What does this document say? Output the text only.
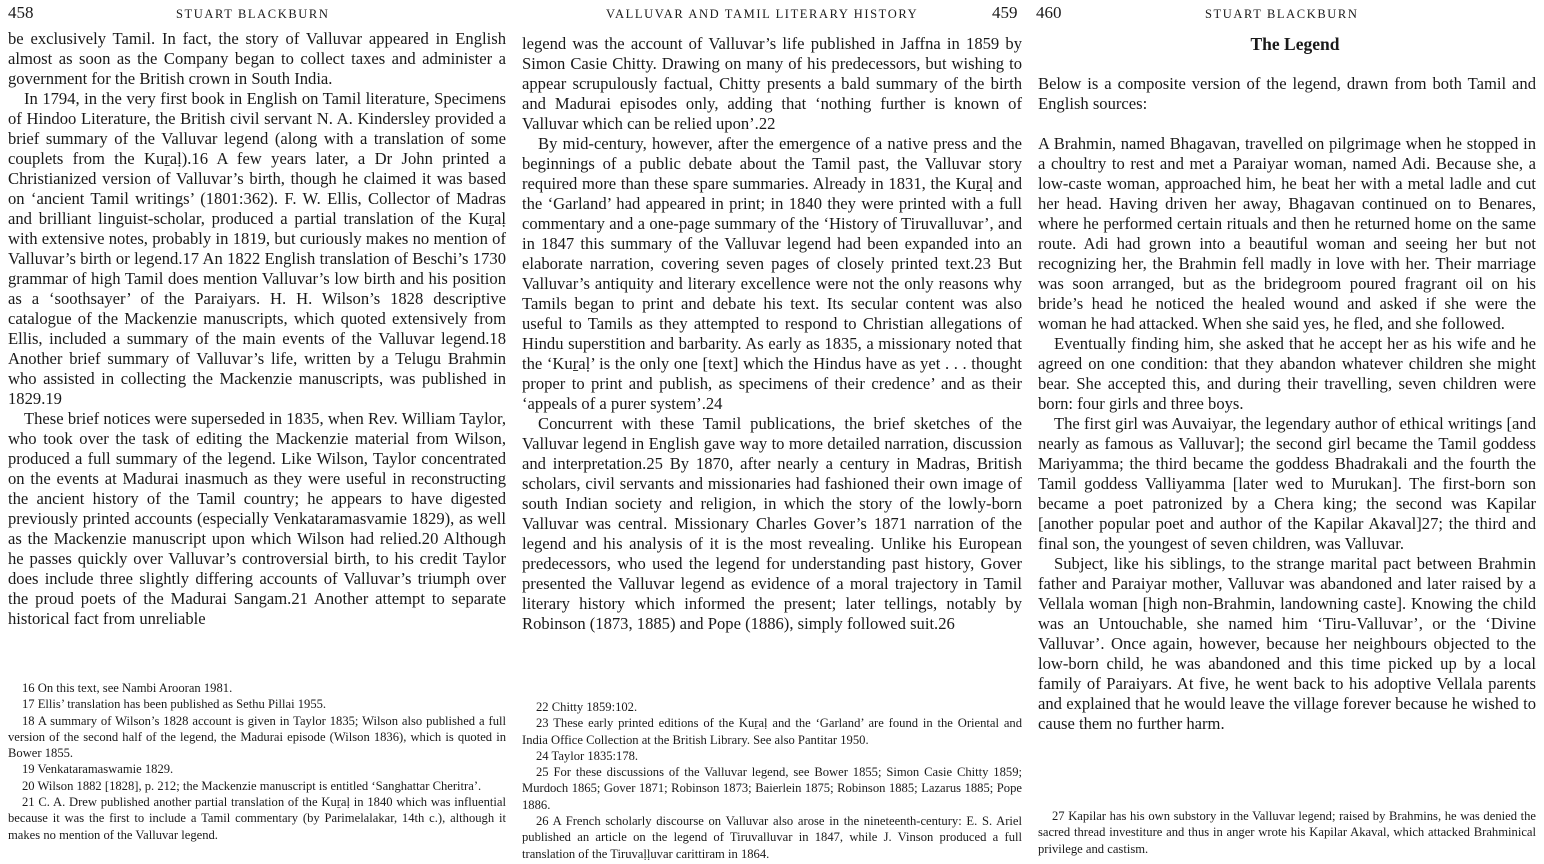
458	STUART BLACKBURN

be exclusively Tamil. In fact, the story of Valluvar appeared in English almost as soon as the Company began to collect taxes and administer a government for the British crown in South India.

In 1794, in the very first book in English on Tamil literature, Specimens of Hindoo Literature, the British civil servant N. A. Kindersley provided a brief summary of the Valluvar legend (along with a translation of some couplets from the Kuṟaḷ).16 A few years later, a Dr John printed a Christianized version of Valluvar’s birth, though he claimed it was based on ‘ancient Tamil writings’ (1801:362). F. W. Ellis, Collector of Madras and brilliant linguist-scholar, produced a partial translation of the Kuṟaḷ with extensive notes, probably in 1819, but curiously makes no mention of Valluvar’s birth or legend.17 An 1822 English translation of Beschi’s 1730 grammar of high Tamil does mention Valluvar’s low birth and his position as a ‘soothsayer’ of the Paraiyars. H. H. Wilson’s 1828 descriptive catalogue of the Mackenzie manuscripts, which quoted extensively from Ellis, included a summary of the main events of the Valluvar legend.18 Another brief summary of Valluvar’s life, written by a Telugu Brahmin who assisted in collecting the Mackenzie manuscripts, was published in 1829.19

These brief notices were superseded in 1835, when Rev. William Taylor, who took over the task of editing the Mackenzie material from Wilson, produced a full summary of the legend. Like Wilson, Taylor concentrated on the events at Madurai inasmuch as they were useful in reconstructing the ancient history of the Tamil country; he appears to have digested previously printed accounts (especially Venkataramasvamie 1829), as well as the Mackenzie manuscript upon which Wilson had relied.20 Although he passes quickly over Valluvar’s controversial birth, to his credit Taylor does include three slightly differing accounts of Valluvar’s triumph over the proud poets of the Madurai Sangam.21 Another attempt to separate historical fact from unreliable

16 On this text, see Nambi Arooran 1981.

17 Ellis’ translation has been published as Sethu Pillai 1955.

18 A summary of Wilson’s 1828 account is given in Taylor 1835; Wilson also published a full version of the second half of the legend, the Madurai episode (Wilson 1836), which is quoted in Bower 1855.

19 Venkataramaswamie 1829.

20 Wilson 1882 [1828], p. 212; the Mackenzie manuscript is entitled ‘Sanghattar Cheritra’.

21 C. A. Drew published another partial translation of the Kuṟaḷ in 1840 which was influential because it was the first to include a Tamil commentary (by Parimelalakar, 14th c.), although it makes no mention of the Valluvar legend.

VALLUVAR AND TAMIL LITERARY HISTORY	459

legend was the account of Valluvar’s life published in Jaffna in 1859 by Simon Casie Chitty. Drawing on many of his predecessors, but wishing to appear scrupulously factual, Chitty presents a bald summary of the birth and Madurai episodes only, adding that ‘nothing further is known of Valluvar which can be relied upon’.22

By mid-century, however, after the emergence of a native press and the beginnings of a public debate about the Tamil past, the Valluvar story required more than these spare summaries. Already in 1831, the Kuṟaḷ and the ‘Garland’ had appeared in print; in 1840 they were printed with a full commentary and a one-page summary of the ‘History of Tiruvalluvar’, and in 1847 this summary of the Valluvar legend had been expanded into an elaborate narration, covering seven pages of closely printed text.23 But Valluvar’s antiquity and literary excellence were not the only reasons why Tamils began to print and debate his text. Its secular content was also useful to Tamils as they attempted to respond to Christian allegations of Hindu superstition and barbarity. As early as 1835, a missionary noted that the ‘Kuṟaḷ’ is the only one [text] which the Hindus have as yet . . . thought proper to print and publish, as specimens of their credence’ and as their ‘appeals of a purer system’.24

Concurrent with these Tamil publications, the brief sketches of the Valluvar legend in English gave way to more detailed narration, discussion and interpretation.25 By 1870, after nearly a century in Madras, British scholars, civil servants and missionaries had fashioned their own image of south Indian society and religion, in which the story of the lowly-born Valluvar was central. Missionary Charles Gover’s 1871 narration of the legend and his analysis of it is the most revealing. Unlike his European predecessors, who used the legend for understanding past history, Gover presented the Valluvar legend as evidence of a moral trajectory in Tamil literary history which informed the present; later tellings, notably by Robinson (1873, 1885) and Pope (1886), simply followed suit.26

22 Chitty 1859:102.

23 These early printed editions of the Kuṟaḷ and the ‘Garland’ are found in the Oriental and India Office Collection at the British Library. See also Pantitar 1950.

24 Taylor 1835:178.

25 For these discussions of the Valluvar legend, see Bower 1855; Simon Casie Chitty 1859; Murdoch 1865; Gover 1871; Robinson 1873; Baierlein 1875; Robinson 1885; Lazarus 1885; Pope 1886.

26 A French scholarly discourse on Valluvar also arose in the nineteenth-century: E. S. Ariel published an article on the legend of Tiruvalluvar in 1847, while J. Vinson produced a full translation of the Tiruvaḷḷuvar carittiram in 1864.

460	STUART BLACKBURN

The Legend

Below is a composite version of the legend, drawn from both Tamil and English sources:

A Brahmin, named Bhagavan, travelled on pilgrimage when he stopped in a choultry to rest and met a Paraiyar woman, named Adi. Because she, a low-caste woman, approached him, he beat her with a metal ladle and cut her head. Having driven her away, Bhagavan continued on to Benares, where he performed certain rituals and then he returned home on the same route. Adi had grown into a beautiful woman and seeing her but not recognizing her, the Brahmin fell madly in love with her. Their marriage was soon arranged, but as the bridegroom poured fragrant oil on his bride’s head he noticed the healed wound and asked if she were the woman he had attacked. When she said yes, he fled, and she followed.

Eventually finding him, she asked that he accept her as his wife and he agreed on one condition: that they abandon whatever children she might bear. She accepted this, and during their travelling, seven children were born: four girls and three boys.

The first girl was Auvaiyar, the legendary author of ethical writings [and nearly as famous as Valluvar]; the second girl became the Tamil goddess Mariyamma; the third became the goddess Bhadrakali and the fourth the Tamil goddess Valliyamma [later wed to Murukan]. The first-born son became a poet patronized by a Chera king; the second was Kapilar [another popular poet and author of the Kapilar Akaval]27; the third and final son, the youngest of seven children, was Valluvar.

Subject, like his siblings, to the strange marital pact between Brahmin father and Paraiyar mother, Valluvar was abandoned and later raised by a Vellala woman [high non-Brahmin, landowning caste]. Knowing the child was an Untouchable, she named him ‘Tiru-Valluvar’, or the ‘Divine Valluvar’. Once again, however, because her neighbours objected to the low-born child, he was abandoned and this time picked up by a local family of Paraiyars. At five, he went back to his adoptive Vellala parents and explained that he would leave the village forever because he wished to cause them no further harm.

27 Kapilar has his own substory in the Valluvar legend; raised by Brahmins, he was denied the sacred thread investiture and thus in anger wrote his Kapilar Akaval, which attacked Brahminical privilege and castism.
